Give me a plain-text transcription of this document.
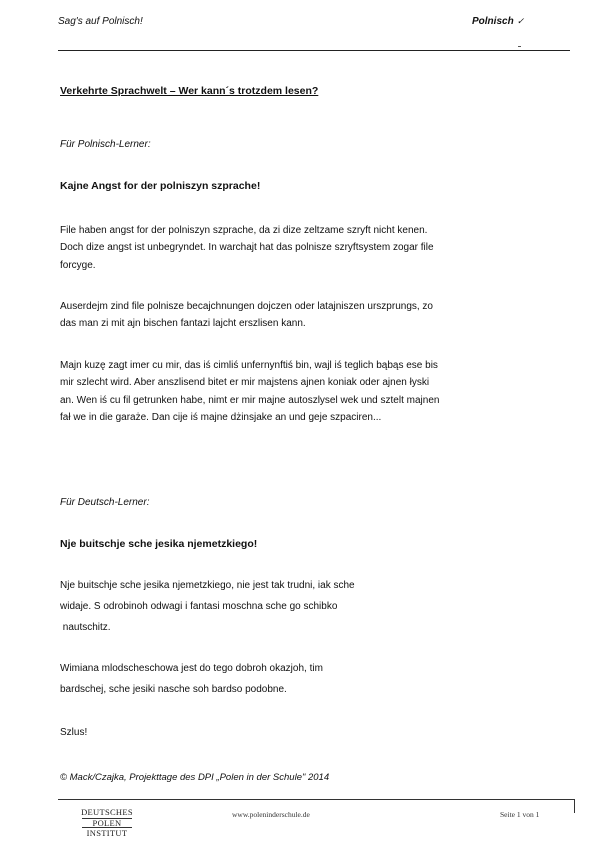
Sag's auf Polnisch!	Polnisch ✓
Verkehrte Sprachwelt – Wer kann´s trotzdem lesen?
Für Polnisch-Lerner:
Kajne Angst for der polniszyn szprache!
File haben angst for der polniszyn szprache, da zi dize zeltzame szryft nicht kenen.
Doch dize angst ist unbegryndet. In warchajt hat das polnisze szryftsystem zogar file
forcyge.
Auserdejm zind file polnisze becajchnungen dojczen oder latajniszen urszprungs, zo
das man zi mit ajn bischen fantazi lajcht erszlisen kann.
Majn kuzę zagt imer cu mir, das iś cimliś unfernynftiś bin, wajl iś teglich bąbąs ese bis
mir szlecht wird. Aber anszlisend bitet er mir majstens ajnen koniak oder ajnen łyski
an. Wen iś cu fil getrunken habe, nimt er mir majne autoszlysel wek und sztelt majnen
fał we in die garaże. Dan cije iś majne dżinsjake an und geje szpaciren...
Für Deutsch-Lerner:
Nje buitschje sche jesika njemetzkiego!
Nje buitschje sche jesika njemetzkiego, nie jest tak trudni, iak sche
widaje. S odrobinoh odwagi i fantasi moschna sche go schibko
nautschitz.
Wimiana mlodscheschowa jest do tego dobroh okazjoh, tim
bardschej, sche jesiki nasche soh bardso podobne.
Szlus!
© Mack/Czajka, Projekttage des DPI „Polen in der Schule" 2014
DEUTSCHES
POLEN
INSTITUT
www.poleninderschule.de	Seite 1 von 1
